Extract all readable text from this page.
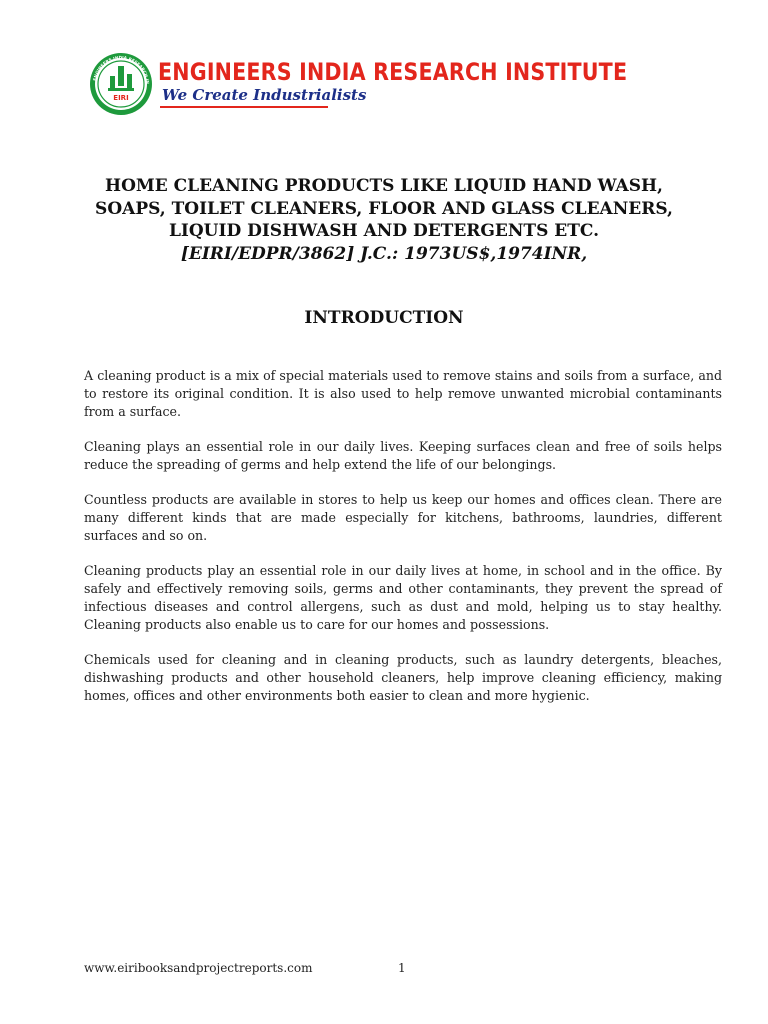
EIRI
ENGINEERS INDIA RESEARCH IN ENGINEERS INDIA RESEARCH INSTITUTE
We Create Industrialists
HOME CLEANING PRODUCTS LIKE LIQUID HAND WASH,
SOAPS, TOILET CLEANERS, FLOOR AND GLASS CLEANERS,
LIQUID DISHWASH AND DETERGENTS ETC.
[EIRI/EDPR/3862] J.C.: 1973US$,1974INR,
INTRODUCTION

A cleaning product is a mix of special materials used to remove stains and soils from a surface, and to restore its original condition. It is also used to help remove unwanted microbial contaminants from a surface.

Cleaning plays an essential role in our daily lives. Keeping surfaces clean and free of soils helps reduce the spreading of germs and help extend the life of our belongings.

Countless products are available in stores to help us keep our homes and offices clean. There are many different kinds that are made especially for kitchens, bathrooms, laundries, different surfaces and so on.

Cleaning products play an essential role in our daily lives at home, in school and in the office. By safely and effectively removing soils, germs and other contaminants, they prevent the spread of infectious diseases and control allergens, such as dust and mold, helping us to stay healthy. Cleaning products also enable us to care for our homes and possessions.

Chemicals used for cleaning and in cleaning products, such as laundry detergents, bleaches, dishwashing products and other household cleaners, help improve cleaning efficiency, making homes, offices and other environments both easier to clean and more hygienic.

www.eiribooksandprojectreports.com	1
